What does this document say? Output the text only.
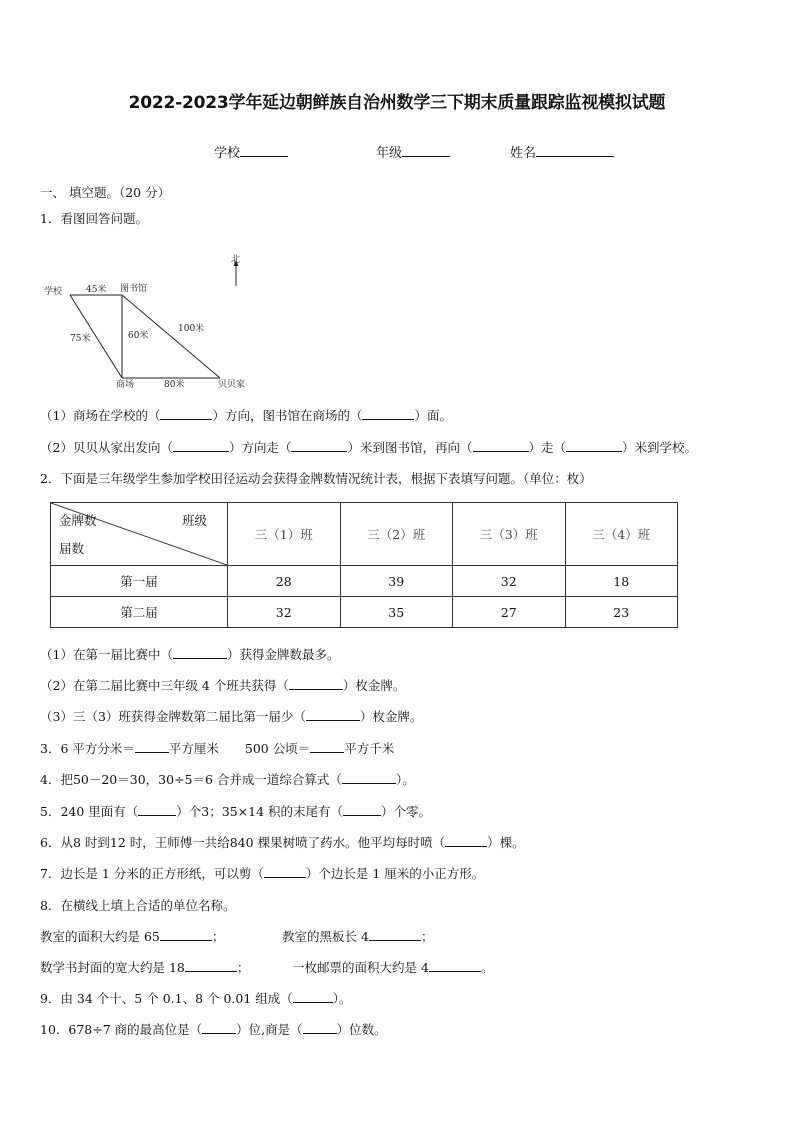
2022-2023学年延边朝鲜族自治州数学三下期末质量跟踪监视模拟试题
学校	年级	姓名
一、 填空题。（20 分）
1．看图回答问题。
北
学校	图书馆
商场	贝贝家
45米
75米	60米
100米
80米
（1）商场在学校的（	）方向，图书馆在商场的（	）面。
（2）贝贝从家出发向（	）方向走（	）米到图书馆，再向（	）走（	）米到学校。
2．下面是三年级学生参加学校田径运动会获得金牌数情况统计表，根据下表填写问题。（单位：枚）
金牌数 班级
届数	三（1）班	三（2）班	三（3）班	三（4）班
第一届	28	39	32	18
第二届	32	35	27	23
（1）在第一届比赛中（	）获得金牌数最多。
（2）在第二届比赛中三年级 4 个班共获得（	）枚金牌。
（3）三（3）班获得金牌数第二届比第一届少（	）枚金牌。
3．6 平方分米＝	平方厘米 500 公顷＝	平方千米
4．把50－20＝30，30÷5＝6 合并成一道综合算式（	）。
5．240 里面有（	）个3；35×14 积的末尾有（	）个零。
6．从8 时到12 时，王师傅一共给840 棵果树喷了药水。他平均每时喷（	）棵。
7．边长是 1 分米的正方形纸，可以剪（	）个边长是 1 厘米的小正方形。
8．在横线上填上合适的单位名称。
教室的面积大约是 65	；	教室的黑板长 4	；
数学书封面的宽大约是 18	；	一枚邮票的面积大约是 4	。
9．由 34 个十、5 个 0.1、8 个 0.01 组成（	）。
10．678÷7 商的最高位是（	）位,商是（	）位数。
